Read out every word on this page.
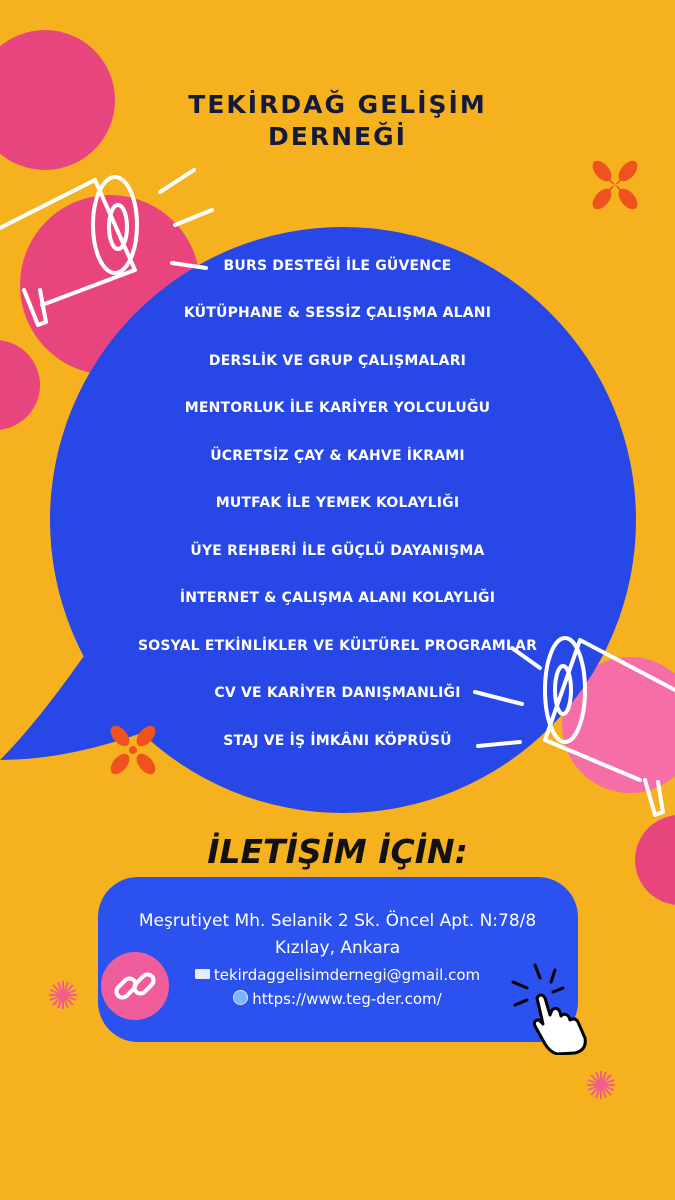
TEKİRDAĞ GELİŞİM
DERNEĞİ
BURS DESTEĞİ İLE GÜVENCE
KÜTÜPHANE & SESSİZ ÇALIŞMA ALANI
DERSLİK VE GRUP ÇALIŞMALARI
MENTORLUK İLE KARİYER YOLCULUĞU
ÜCRETSİZ ÇAY & KAHVE İKRAMI
MUTFAK İLE YEMEK KOLAYLIĞI
ÜYE REHBERİ İLE GÜÇLÜ DAYANIŞMA
İNTERNET & ÇALIŞMA ALANI KOLAYLIĞI
SOSYAL ETKİNLİKLER VE KÜLTÜREL PROGRAMLAR
CV VE KARİYER DANIŞMANLIĞI
STAJ VE İŞ İMKÂNI KÖPRÜSÜ
İLETİŞİM İÇİN:
Meşrutiyet Mh. Selanik 2 Sk. Öncel Apt. N:78/8
Kızılay, Ankara
tekirdaggelisimdernegi@gmail.com
https://www.teg-der.com/
